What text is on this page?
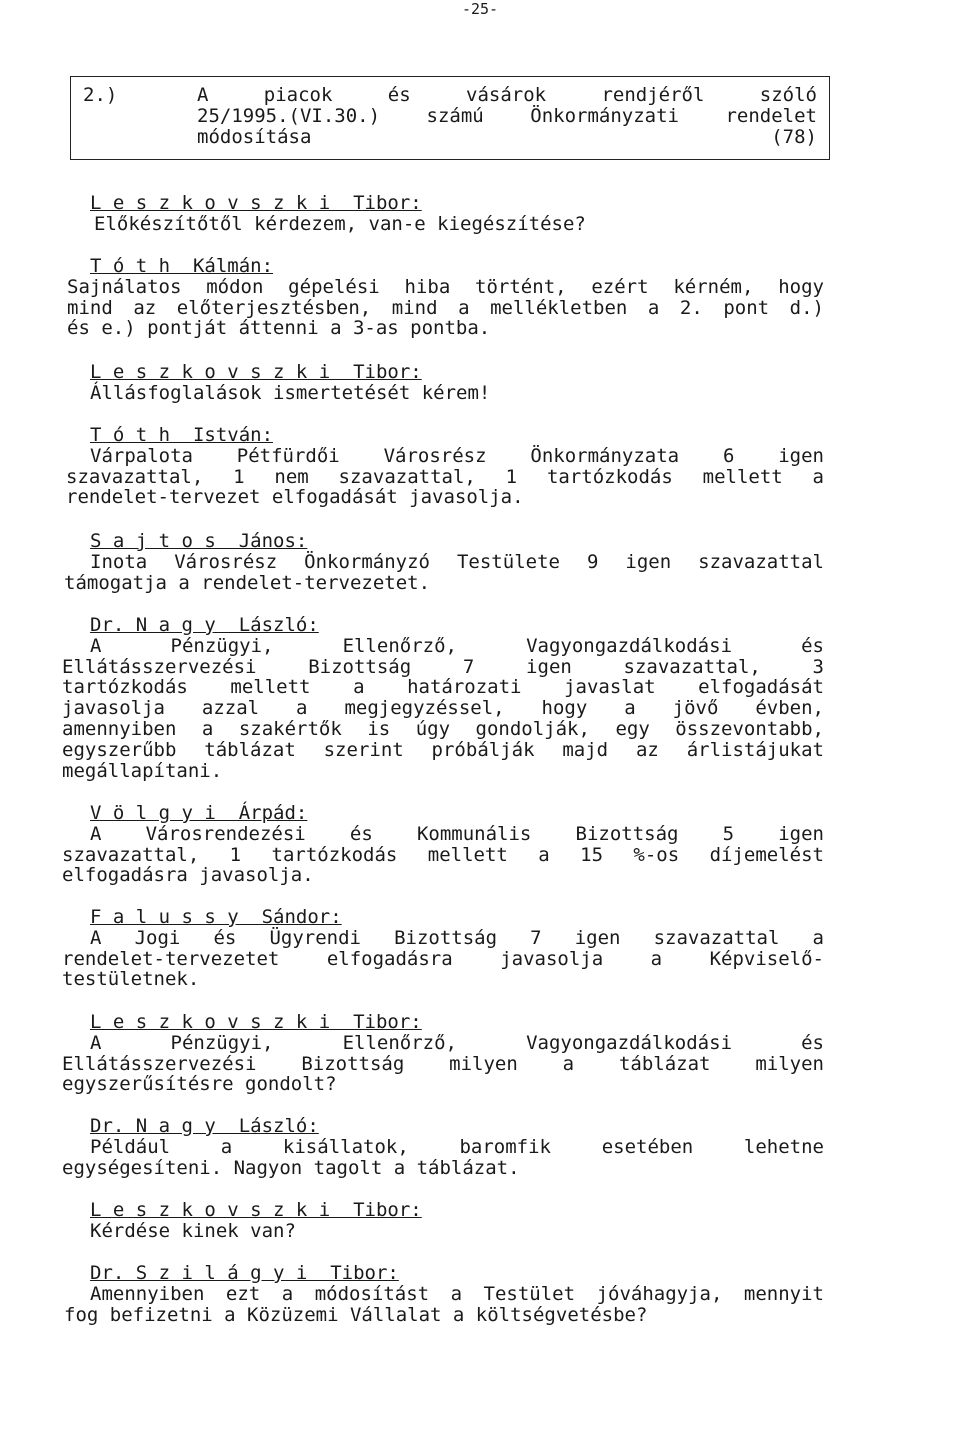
-25-
2.)	A piacok és vásárok rendjéről szóló
25/1995.(VI.30.) számú Önkormányzati rendelet
módosítása	(78)
L e s z k o v s z k i  Tibor:
Előkészítőtől kérdezem, van-e kiegészítése?
T ó t h  Kálmán:
Sajnálatos módon gépelési hiba történt, ezért kérném, hogy
mind az előterjesztésben, mind a mellékletben a 2. pont d.)
és e.) pontját áttenni a 3-as pontba.
L e s z k o v s z k i  Tibor:
Állásfoglalások ismertetését kérem!
T ó t h  István:
Várpalota Pétfürdői Városrész Önkormányzata 6 igen
szavazattal, 1 nem szavazattal, 1 tartózkodás mellett a
rendelet-tervezet elfogadását javasolja.
S a j t o s  János:
Inota Városrész Önkormányzó Testülete 9 igen szavazattal
támogatja a rendelet-tervezetet.
Dr. N a g y  László:
A Pénzügyi, Ellenőrző, Vagyongazdálkodási és
Ellátásszervezési Bizottság 7 igen szavazattal, 3
tartózkodás mellett a határozati javaslat elfogadását
javasolja azzal a megjegyzéssel, hogy a jövő évben,
amennyiben a szakértők is úgy gondolják, egy összevontabb,
egyszerűbb táblázat szerint próbálják majd az árlistájukat
megállapítani.
V ö l g y i  Árpád:
A Városrendezési és Kommunális Bizottság 5 igen
szavazattal, 1 tartózkodás mellett a 15 %-os díjemelést
elfogadásra javasolja.
F a l u s s y  Sándor:
A Jogi és Ügyrendi Bizottság 7 igen szavazattal a
rendelet-tervezetet elfogadásra javasolja a Képviselő-
testületnek.
L e s z k o v s z k i  Tibor:
A Pénzügyi, Ellenőrző, Vagyongazdálkodási és
Ellátásszervezési Bizottság milyen a táblázat milyen
egyszerűsítésre gondolt?
Dr. N a g y  László:
Például a kisállatok, baromfik esetében lehetne
egységesíteni. Nagyon tagolt a táblázat.
L e s z k o v s z k i  Tibor:
Kérdése kinek van?
Dr. S z i l á g y i  Tibor:
Amennyiben ezt a módosítást a Testület jóváhagyja, mennyit
fog befizetni a Közüzemi Vállalat a költségvetésbe?
